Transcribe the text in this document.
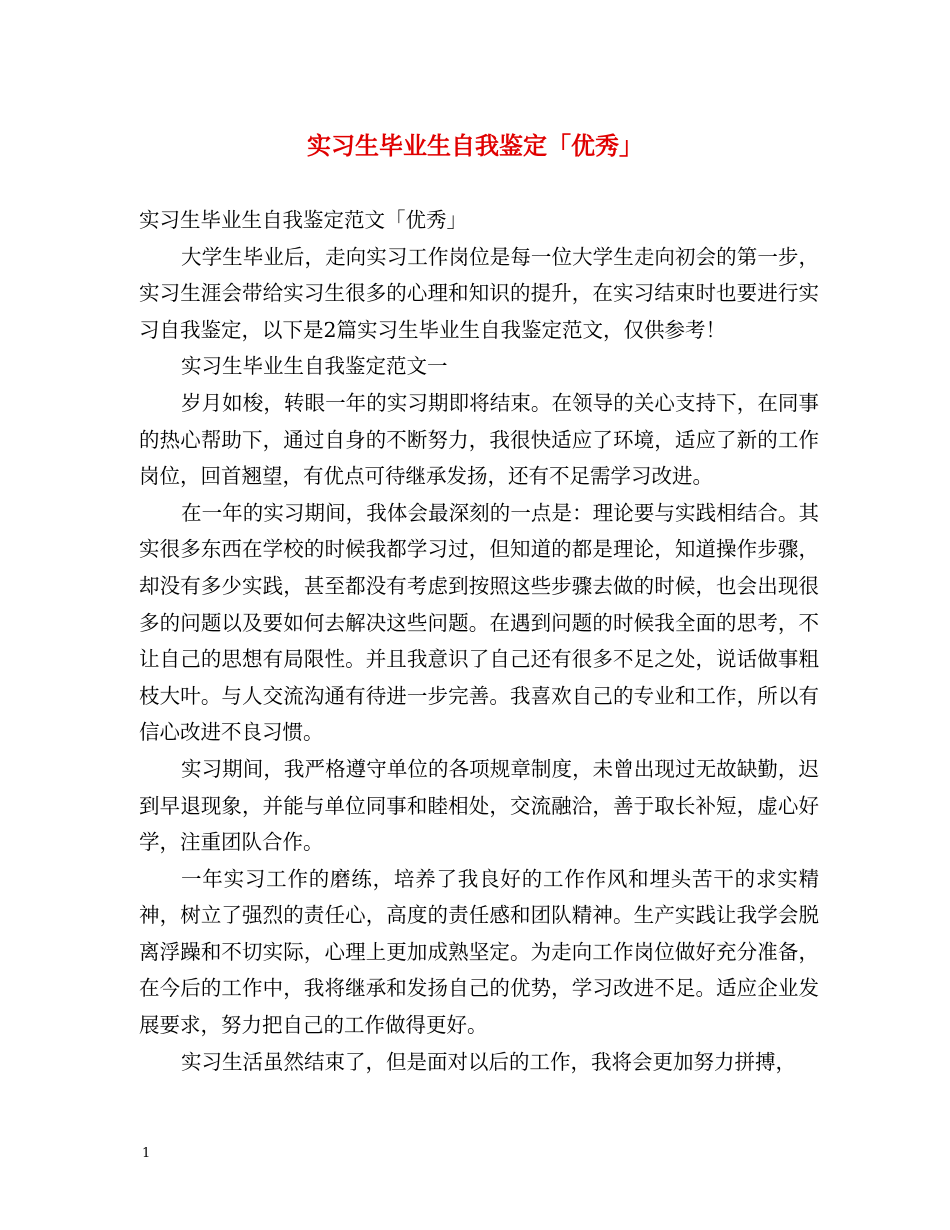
实习生毕业生自我鉴定「优秀」

实习生毕业生自我鉴定范文「优秀」

大学生毕业后，走向实习工作岗位是每一位大学生走向初会的第一步，实习生涯会带给实习生很多的心理和知识的提升，在实习结束时也要进行实习自我鉴定，以下是2篇实习生毕业生自我鉴定范文，仅供参考！

实习生毕业生自我鉴定范文一

岁月如梭，转眼一年的实习期即将结束。在领导的关心支持下，在同事的热心帮助下，通过自身的不断努力，我很快适应了环境，适应了新的工作岗位，回首翘望，有优点可待继承发扬，还有不足需学习改进。

在一年的实习期间，我体会最深刻的一点是：理论要与实践相结合。其实很多东西在学校的时候我都学习过，但知道的都是理论，知道操作步骤，却没有多少实践，甚至都没有考虑到按照这些步骤去做的时候，也会出现很多的问题以及要如何去解决这些问题。在遇到问题的时候我全面的思考，不让自己的思想有局限性。并且我意识了自己还有很多不足之处，说话做事粗枝大叶。与人交流沟通有待进一步完善。我喜欢自己的专业和工作，所以有信心改进不良习惯。

实习期间，我严格遵守单位的各项规章制度，未曾出现过无故缺勤，迟到早退现象，并能与单位同事和睦相处，交流融洽，善于取长补短，虚心好学，注重团队合作。

一年实习工作的磨练，培养了我良好的工作作风和埋头苦干的求实精神，树立了强烈的责任心，高度的责任感和团队精神。生产实践让我学会脱离浮躁和不切实际，心理上更加成熟坚定。为走向工作岗位做好充分准备，在今后的工作中，我将继承和发扬自己的优势，学习改进不足。适应企业发展要求，努力把自己的工作做得更好。

实习生活虽然结束了，但是面对以后的工作，我将会更加努力拼搏，

1
